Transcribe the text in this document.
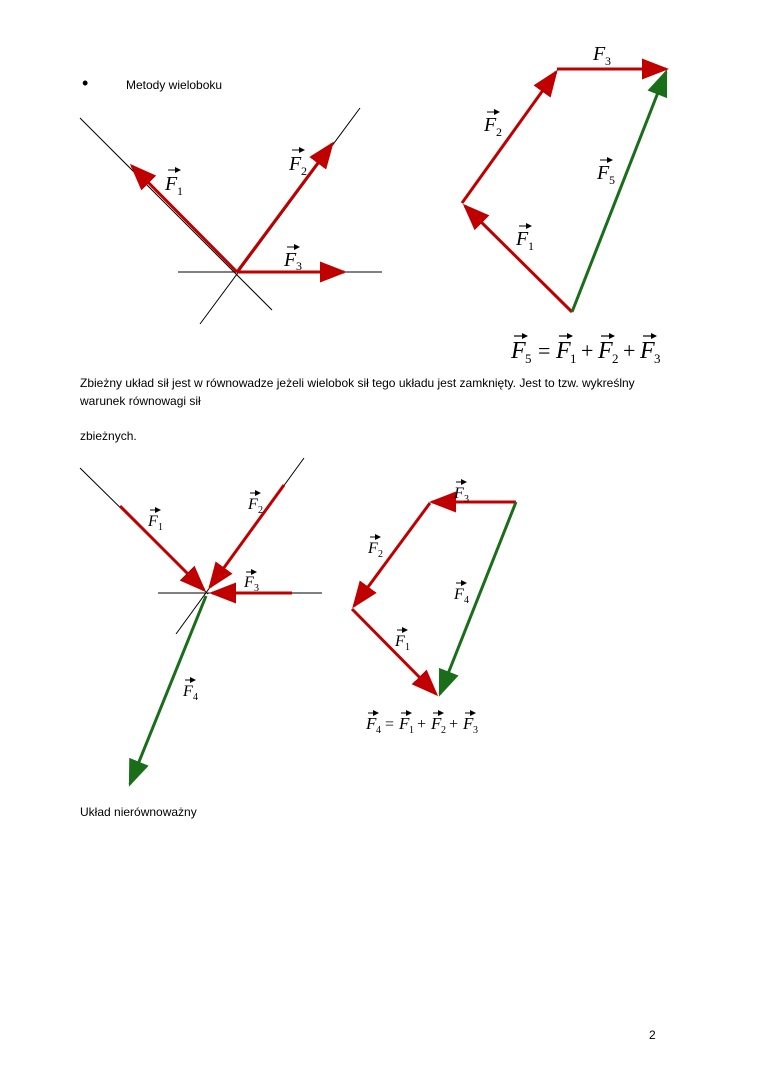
•	Metody wieloboku
F 1
F 2
F 3
F 3
F 2
F 5
F 1
F 5 = F 1 + F 2 + F 3
F 1
F 2
F 3
F 4
F 3
F 2
F 4
F 1
F 4 = F 1 + F 2 + F 3
Zbieżny układ sił jest w równowadze jeżeli wielobok sił tego układu jest zamknięty. Jest to tzw. wykreślny
warunek równowagi sił
zbieżnych.
Układ nierównoważny
2
